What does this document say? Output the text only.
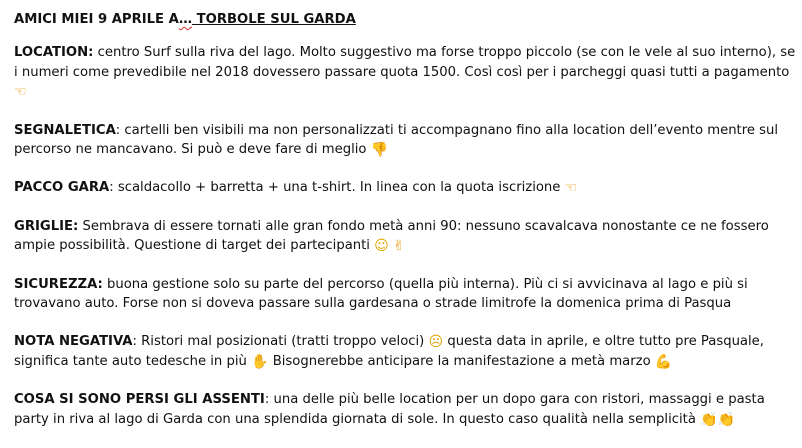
AMICI MIEI 9 APRILE A… TORBOLE SUL GARDA
LOCATION: centro Surf sulla riva del lago. Molto suggestivo ma forse troppo piccolo (se con le vele al suo interno), se i numeri come prevedibile nel 2018 dovessero passare quota 1500. Così così per i parcheggi quasi tutti a pagamento ☜
SEGNALETICA: cartelli ben visibili ma non personalizzati ti accompagnano fino alla location dell’evento mentre sul percorso ne mancavano. Si può e deve fare di meglio 👎
PACCO GARA: scaldacollo + barretta + una t-shirt. In linea con la quota iscrizione ☜
GRIGLIE: Sembrava di essere tornati alle gran fondo metà anni 90: nessuno scavalcava nonostante ce ne fossero ampie possibilità. Questione di target dei partecipanti ☺ ✌
SICUREZZA: buona gestione solo su parte del percorso (quella più interna). Più ci si avvicinava al lago e più si trovavano auto. Forse non si doveva passare sulla gardesana o strade limitrofe la domenica prima di Pasqua
NOTA NEGATIVA: Ristori mal posizionati (tratti troppo veloci) ☹ questa data in aprile, e oltre tutto pre Pasquale, significa tante auto tedesche in più ✋ Bisognerebbe anticipare la manifestazione a metà marzo 💪
COSA SI SONO PERSI GLI ASSENTI: una delle più belle location per un dopo gara con ristori, massaggi e pasta party in riva al lago di Garda con una splendida giornata di sole. In questo caso qualità nella semplicità 👏👏
